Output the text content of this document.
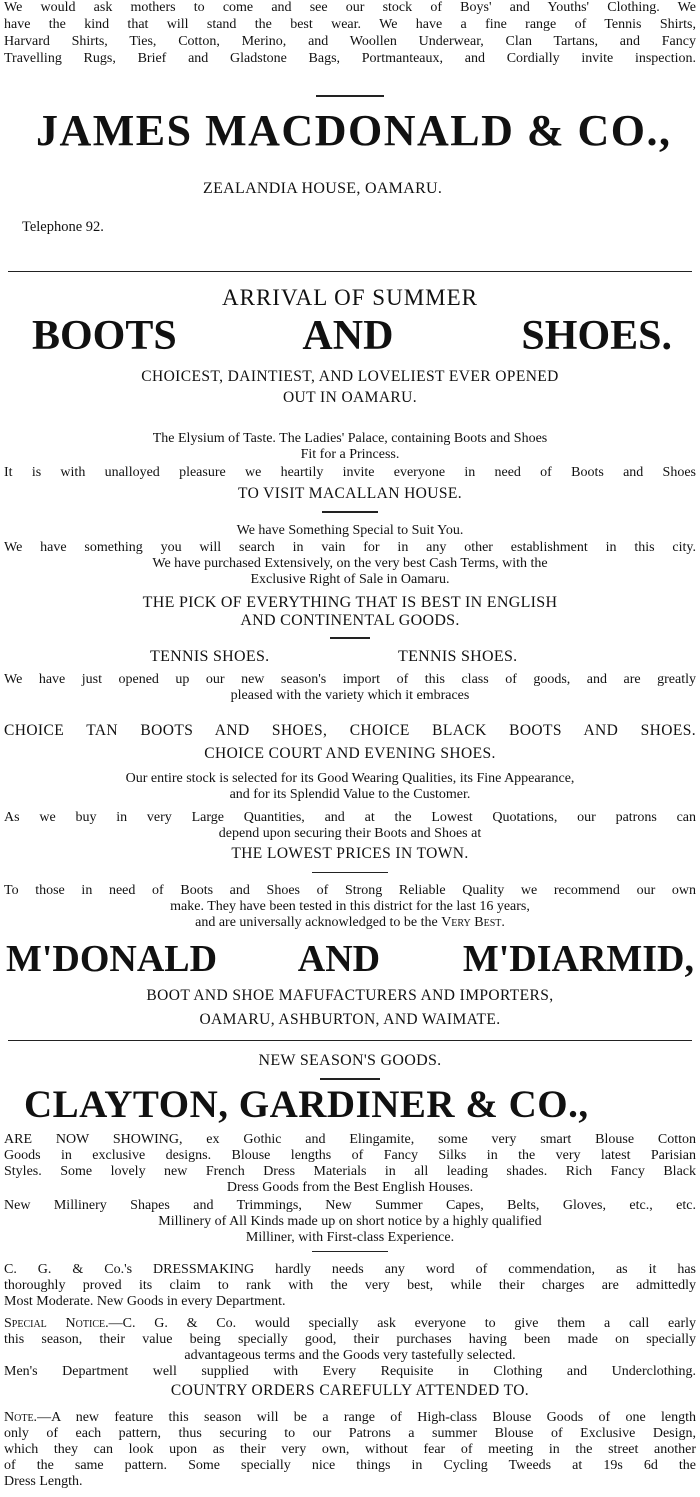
We would ask mothers to come and see our stock of Boys' and Youths' Clothing. We

have the kind that will stand the best wear. We have a fine range of Tennis Shirts,

Harvard Shirts, Ties, Cotton, Merino, and Woollen Underwear, Clan Tartans, and Fancy

Travelling Rugs, Brief and Gladstone Bags, Portmanteaux, and Cordially invite inspection.

JAMES MACDONALD & CO.,

ZEALANDIA HOUSE, OAMARU.

Telephone 92.

ARRIVAL OF SUMMER

BOOTS AND SHOES.

CHOICEST, DAINTIEST, AND LOVELIEST EVER OPENED

OUT IN OAMARU.

The Elysium of Taste. The Ladies' Palace, containing Boots and Shoes

Fit for a Princess.

It is with unalloyed pleasure we heartily invite everyone in need of Boots and Shoes

TO VISIT MACALLAN HOUSE.

We have Something Special to Suit You.

We have something you will search in vain for in any other establishment in this city.

We have purchased Extensively, on the very best Cash Terms, with the

Exclusive Right of Sale in Oamaru.

THE PICK OF EVERYTHING THAT IS BEST IN ENGLISH

AND CONTINENTAL GOODS.

TENNIS SHOES.	TENNIS SHOES.

We have just opened up our new season's import of this class of goods, and are greatly

pleased with the variety which it embraces

CHOICE TAN BOOTS AND SHOES, CHOICE BLACK BOOTS AND SHOES.

CHOICE COURT AND EVENING SHOES.

Our entire stock is selected for its Good Wearing Qualities, its Fine Appearance,

and for its Splendid Value to the Customer.

As we buy in very Large Quantities, and at the Lowest Quotations, our patrons can

depend upon securing their Boots and Shoes at

THE LOWEST PRICES IN TOWN.

To those in need of Boots and Shoes of Strong Reliable Quality we recommend our own

make. They have been tested in this district for the last 16 years,

and are universally acknowledged to be the Very Best.

M'DONALD AND M'DIARMID,

BOOT AND SHOE MAFUFACTURERS AND IMPORTERS,

OAMARU, ASHBURTON, AND WAIMATE.

NEW SEASON'S GOODS.

CLAYTON, GARDINER & CO.,

ARE NOW SHOWING, ex Gothic and Elingamite, some very smart Blouse Cotton

Goods in exclusive designs. Blouse lengths of Fancy Silks in the very latest Parisian

Styles. Some lovely new French Dress Materials in all leading shades. Rich Fancy Black

Dress Goods from the Best English Houses.

New Millinery Shapes and Trimmings, New Summer Capes, Belts, Gloves, etc., etc.

Millinery of All Kinds made up on short notice by a highly qualified

Milliner, with First-class Experience.

C. G. & Co.'s DRESSMAKING hardly needs any word of commendation, as it has

thoroughly proved its claim to rank with the very best, while their charges are admittedly

Most Moderate. New Goods in every Department.

Special Notice.—C. G. & Co. would specially ask everyone to give them a call early

this season, their value being specially good, their purchases having been made on specially

advantageous terms and the Goods very tastefully selected.

Men's Department well supplied with Every Requisite in Clothing and Underclothing.

COUNTRY ORDERS CAREFULLY ATTENDED TO.

Note.—A new feature this season will be a range of High-class Blouse Goods of one length

only of each pattern, thus securing to our Patrons a summer Blouse of Exclusive Design,

which they can look upon as their very own, without fear of meeting in the street another

of the same pattern. Some specially nice things in Cycling Tweeds at 19s 6d the

Dress Length.
